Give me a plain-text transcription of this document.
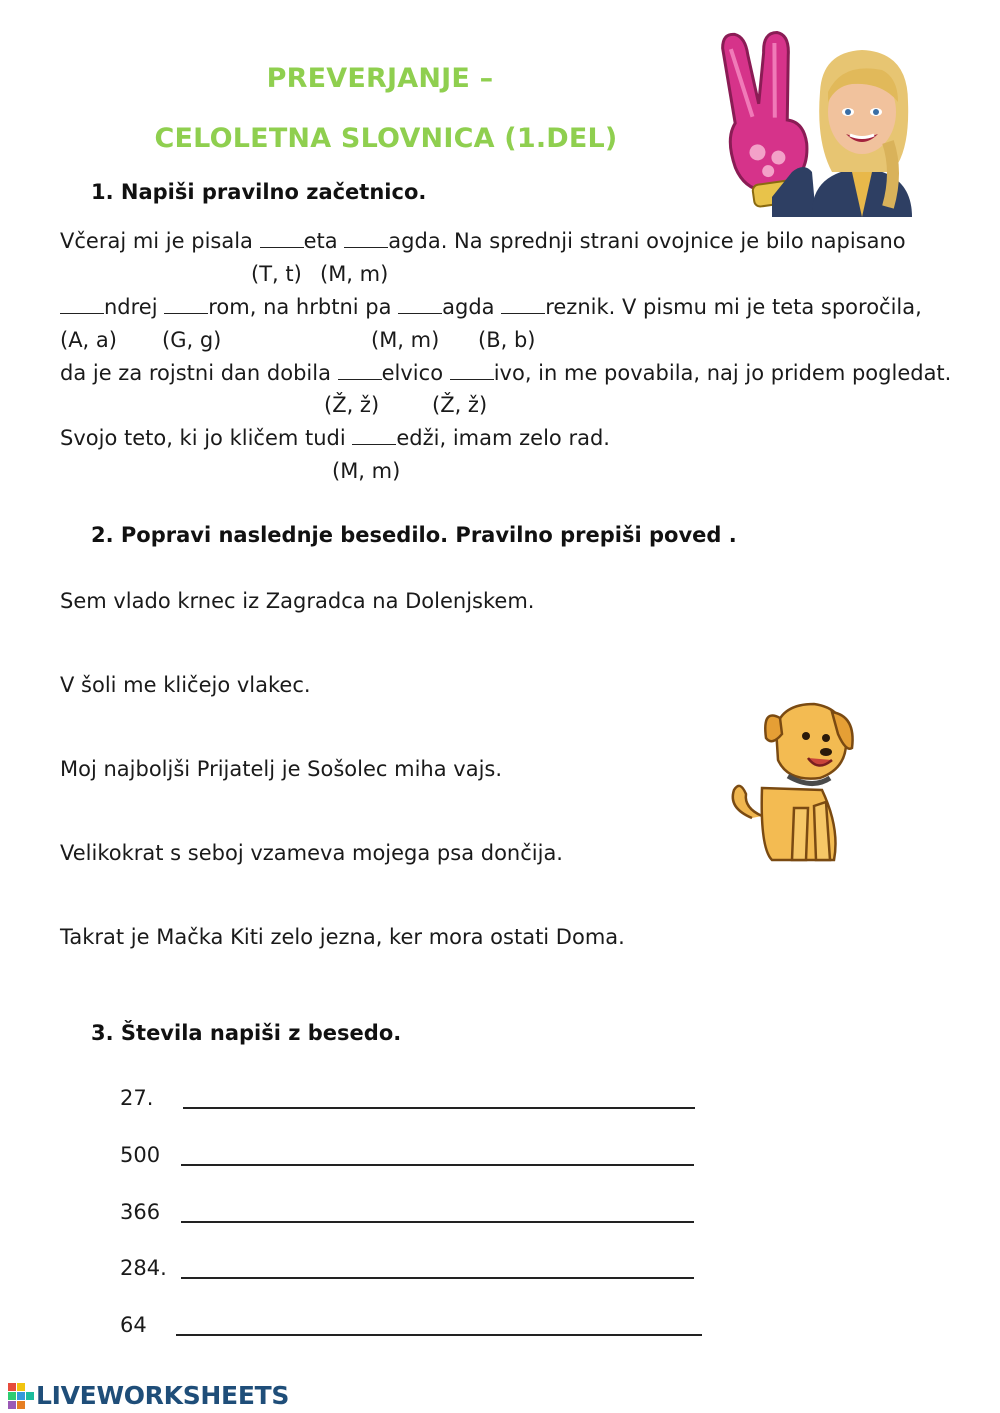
PREVERJANJE –
CELOLETNA SLOVNICA (1.DEL)
1. Napiši pravilno začetnico.
Včeraj mi je pisala eta agda. Na sprednji strani ovojnice je bilo napisano
(T, t) (M, m)
ndrej rom, na hrbtni pa agda reznik. V pismu mi je teta sporočila,
(A, a) (G, g)	(M, m) (B, b)
da je za rojstni dan dobila elvico ivo, in me povabila, naj jo pridem pogledat.
(Ž, ž)	(Ž, ž)
Svojo teto, ki jo kličem tudi edži, imam zelo rad.
(M, m)
2. Popravi naslednje besedilo. Pravilno prepiši poved .
Sem vlado krnec iz Zagradca na Dolenjskem.
V šoli me kličejo vlakec.
Moj najboljši Prijatelj je Sošolec miha vajs.
Velikokrat s seboj vzameva mojega psa dončija.
Takrat je Mačka Kiti zelo jezna, ker mora ostati Doma.
3. Števila napiši z besedo.
27.
500
366
284.
64
LIVEWORKSHEETS
